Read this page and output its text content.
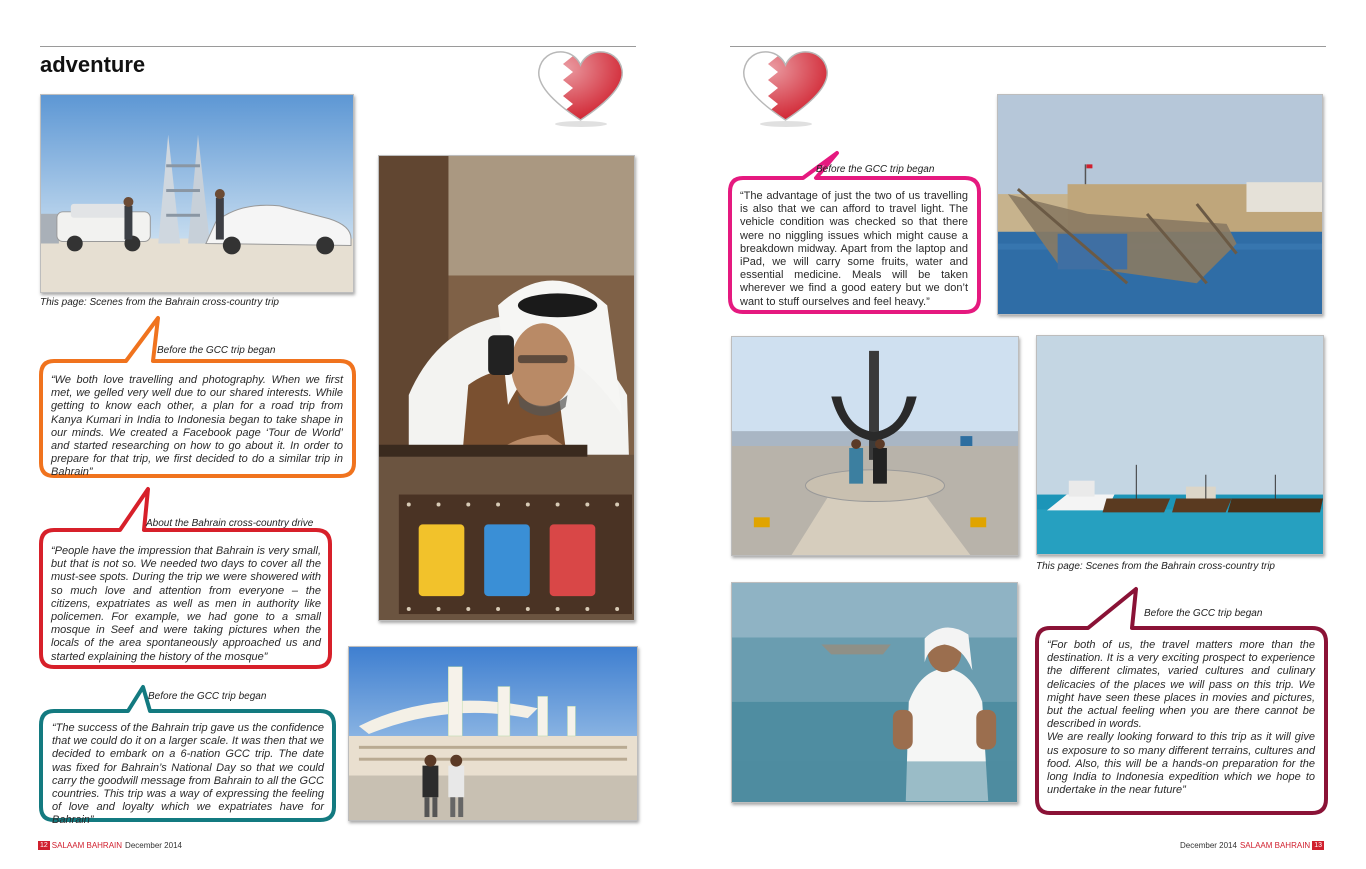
adventure
This page: Scenes from the Bahrain cross-country trip
Before the GCC trip began
“We both love travelling and photography. When we first met, we gelled very well due to our shared interests. While getting to know each other, a plan for a road trip from Kanya Kumari in India to Indonesia began to take shape in our minds. We created a Facebook page ‘Tour de World’ and started researching on how to go about it. In order to prepare for that trip, we first decided to do a similar trip in Bahrain”
About the Bahrain cross-country drive
“People have the impression that Bahrain is very small, but that is not so. We needed two days to cover all the must-see spots. During the trip we were showered with so much love and attention from everyone – the citizens, expatriates as well as men in authority like policemen. For example, we had gone to a small mosque in Seef and were taking pictures when the locals of the area spontaneously approached us and started explaining the history of the mosque”
Before the GCC trip began
“The success of the Bahrain trip gave us the confidence that we could do it on a larger scale. It was then that we decided to embark on a 6-nation GCC trip. The date was fixed for Bahrain’s National Day so that we could carry the goodwill message from Bahrain to all the GCC countries. This trip was a way of expressing the feeling of love and loyalty which we expatriates have for Bahrain”
12 SALAAM BAHRAIN December 2014
This page: Scenes from the Bahrain cross-country trip
Before the GCC trip began
“The advantage of just the two of us travelling is also that we can afford to travel light. The vehicle condition was checked so that there were no niggling issues which might cause a breakdown midway. Apart from the laptop and iPad, we will carry some fruits, water and essential medicine. Meals will be taken wherever we find a good eatery but we don’t want to stuff ourselves and feel heavy.”
Before the GCC trip began
“For both of us, the travel matters more than the destination. It is a very exciting prospect to experience the different climates, varied cultures and culinary delicacies of the places we will pass on this trip. We might have seen these places in movies and pictures, but the actual feeling when you are there cannot be described in words.
We are really looking forward to this trip as it will give us exposure to so many different terrains, cultures and food. Also, this will be a hands-on preparation for the long India to Indonesia expedition which we hope to undertake in the near future”
December 2014 SALAAM BAHRAIN 13
